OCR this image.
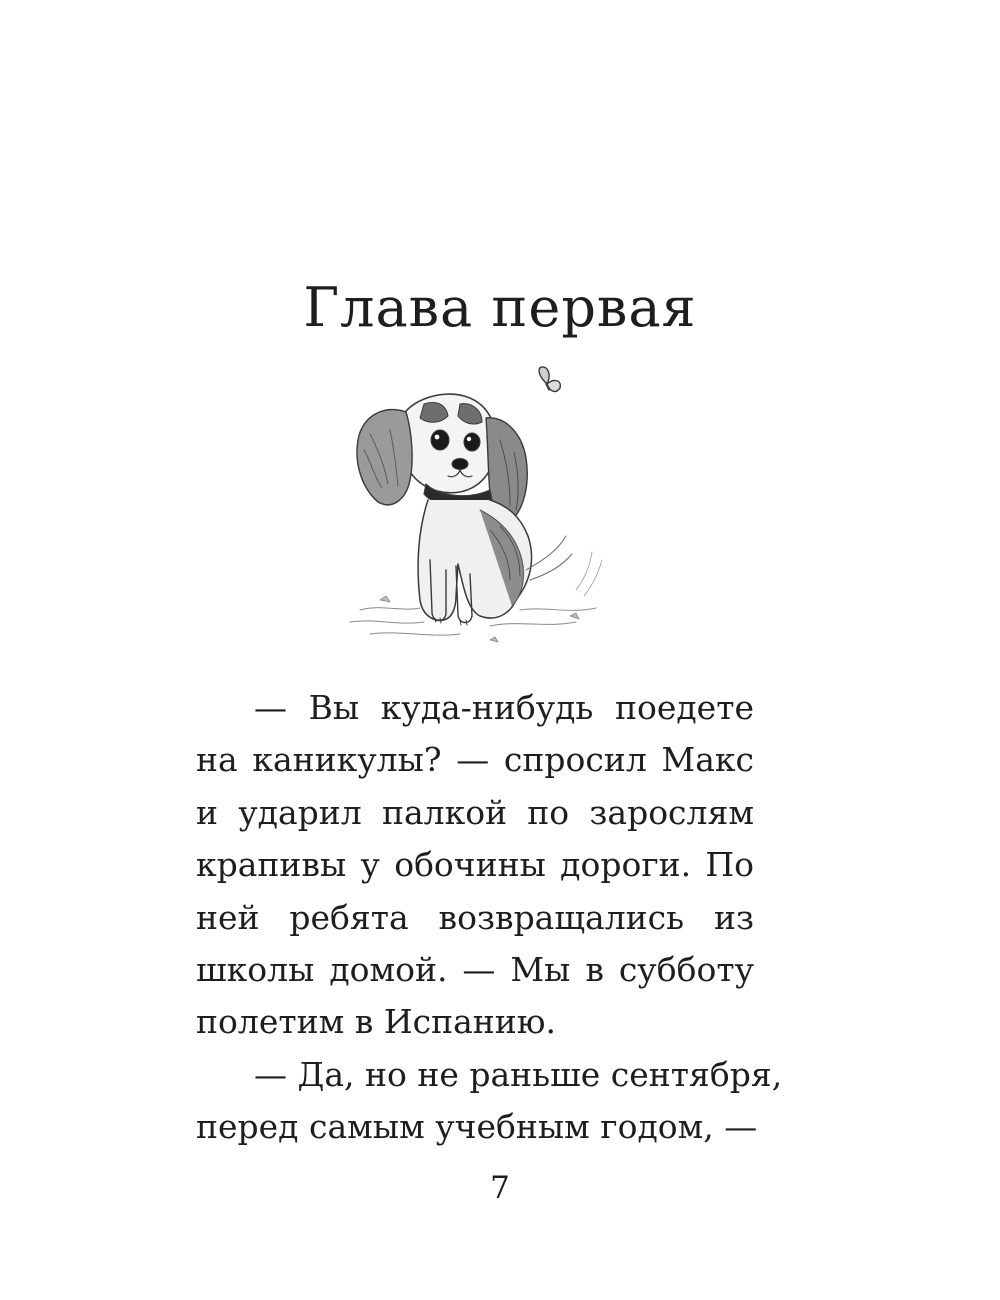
Глава первая
— Вы куда-нибудь поедете
на каникулы? — спросил Макс
и ударил палкой по зарослям
крапивы у обочины дороги. По
ней ребята возвращались из
школы домой. — Мы в субботу
полетим в Испанию.
— Да, но не раньше сентября,
перед самым учебным годом, —
7
